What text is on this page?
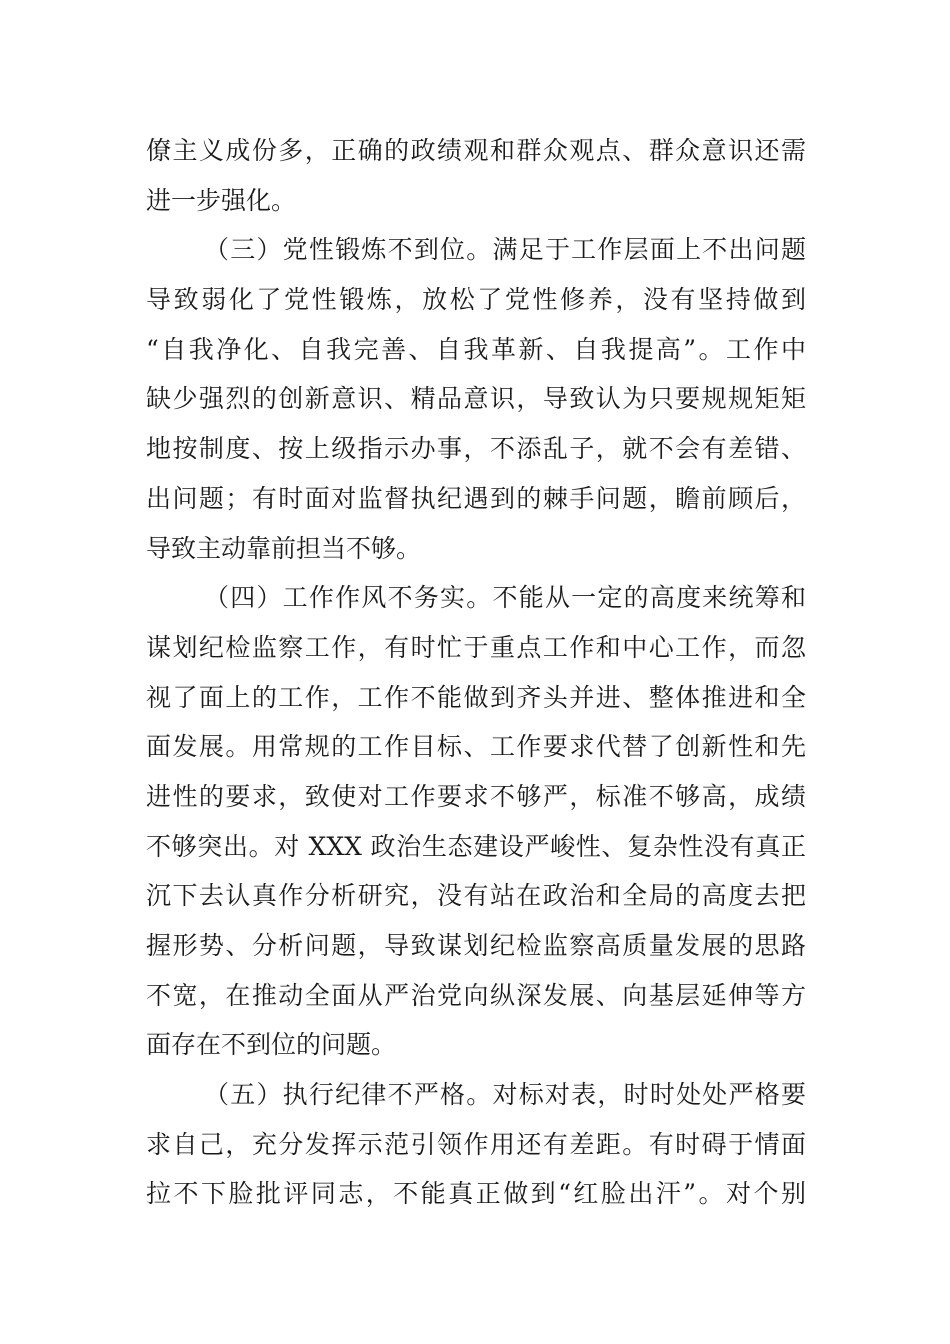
僚主义成份多，正确的政绩观和群众观点、群众意识还需
进一步强化。
（三）党性锻炼不到位。满足于工作层面上不出问题
导致弱化了党性锻炼，放松了党性修养，没有坚持做到
“自我净化、自我完善、自我革新、自我提高”。工作中
缺少强烈的创新意识、精品意识，导致认为只要规规矩矩
地按制度、按上级指示办事，不添乱子，就不会有差错、
出问题；有时面对监督执纪遇到的棘手问题，瞻前顾后，
导致主动靠前担当不够。
（四）工作作风不务实。不能从一定的高度来统筹和
谋划纪检监察工作，有时忙于重点工作和中心工作，而忽
视了面上的工作，工作不能做到齐头并进、整体推进和全
面发展。用常规的工作目标、工作要求代替了创新性和先
进性的要求，致使对工作要求不够严，标准不够高，成绩
不够突出。对 XXX 政治生态建设严峻性、复杂性没有真正
沉下去认真作分析研究，没有站在政治和全局的高度去把
握形势、分析问题，导致谋划纪检监察高质量发展的思路
不宽，在推动全面从严治党向纵深发展、向基层延伸等方
面存在不到位的问题。
（五）执行纪律不严格。对标对表，时时处处严格要
求自己，充分发挥示范引领作用还有差距。有时碍于情面
拉不下脸批评同志，不能真正做到“红脸出汗”。对个别
